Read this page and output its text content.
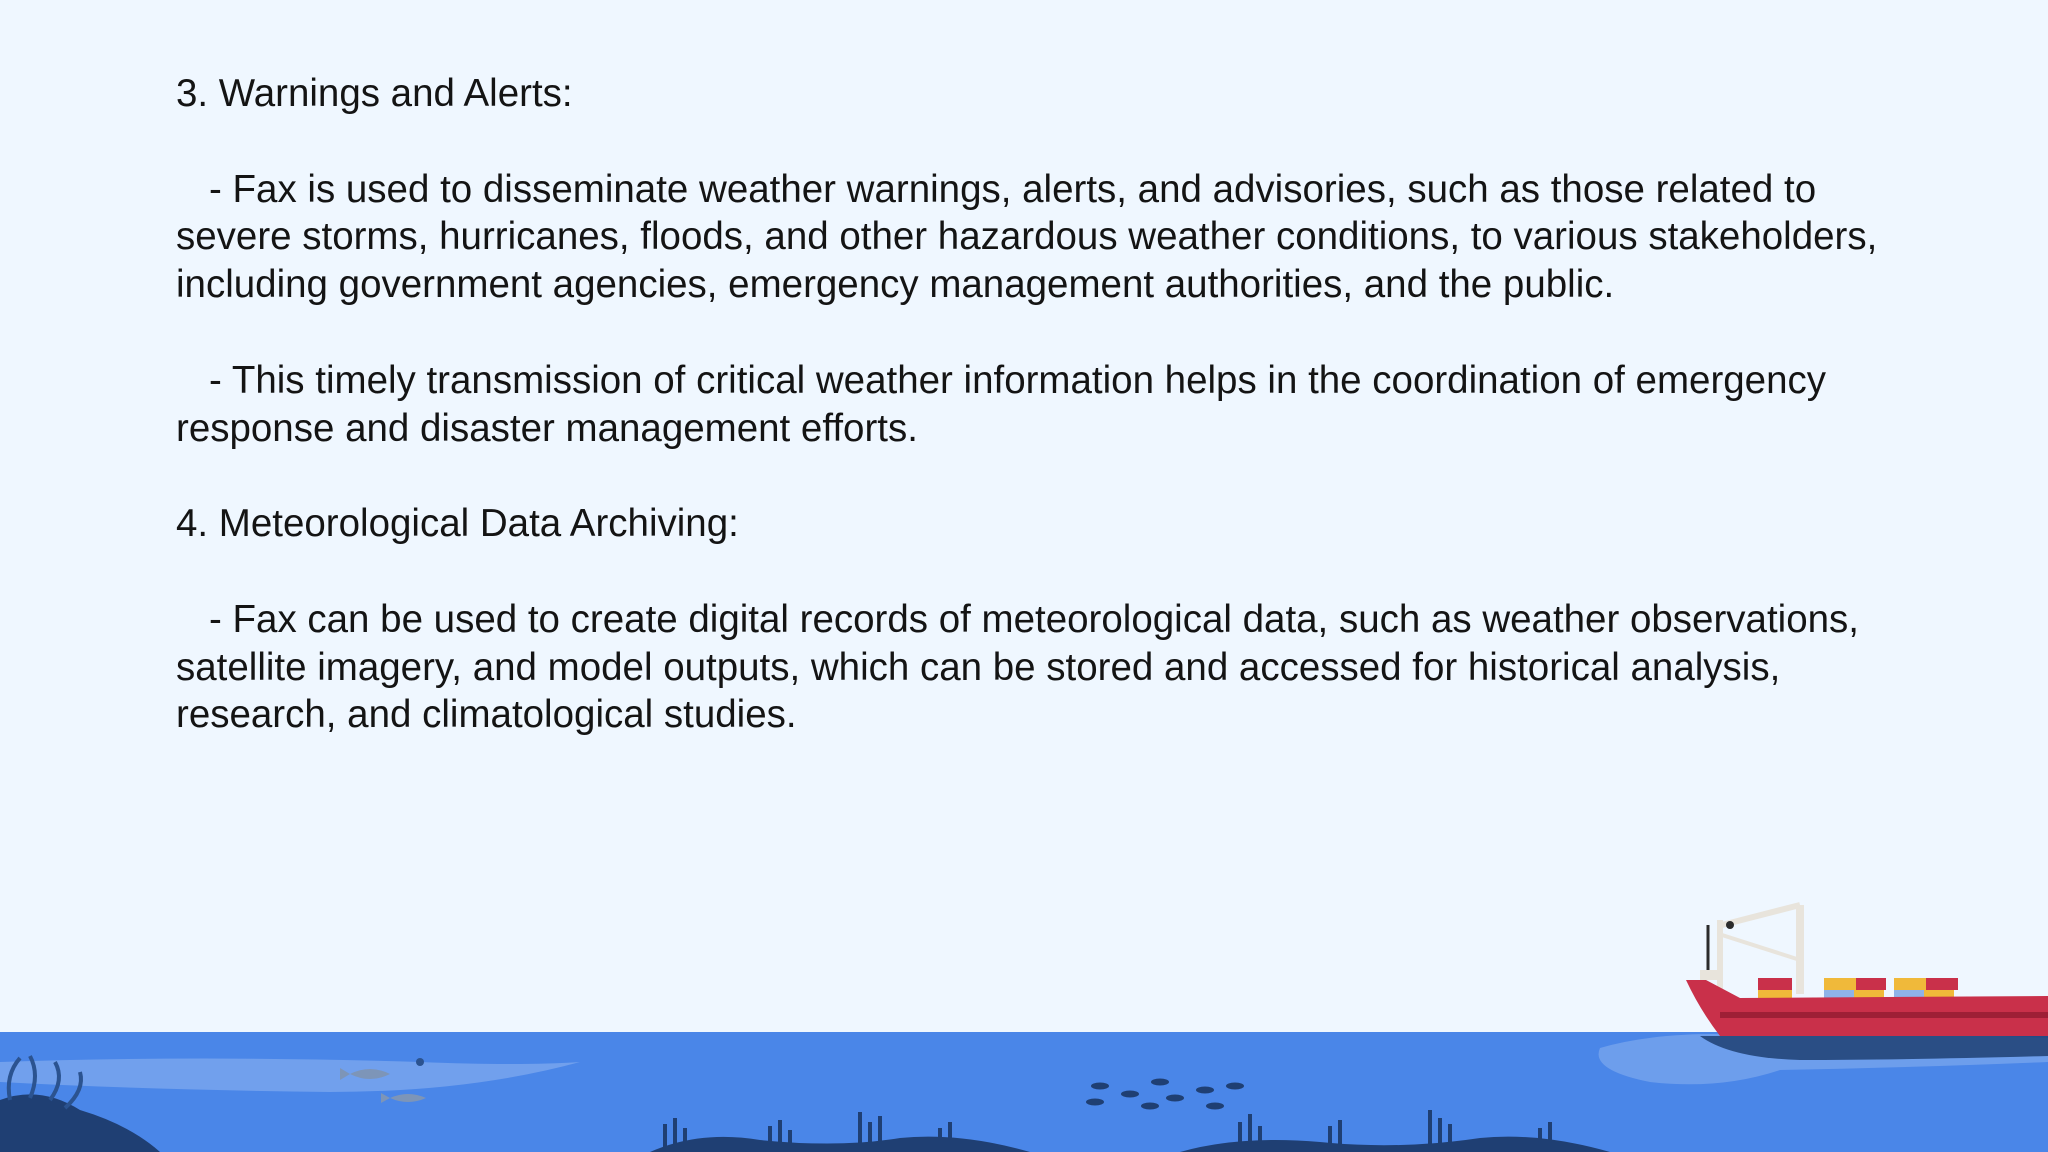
3. Warnings and Alerts:

- Fax is used to disseminate weather warnings, alerts, and advisories, such as those related to severe storms, hurricanes, floods, and other hazardous weather conditions, to various stakeholders, including government agencies, emergency management authorities, and the public.

- This timely transmission of critical weather information helps in the coordination of emergency response and disaster management efforts.

4. Meteorological Data Archiving:

- Fax can be used to create digital records of meteorological data, such as weather observations, satellite imagery, and model outputs, which can be stored and accessed for historical analysis, research, and climatological studies.
